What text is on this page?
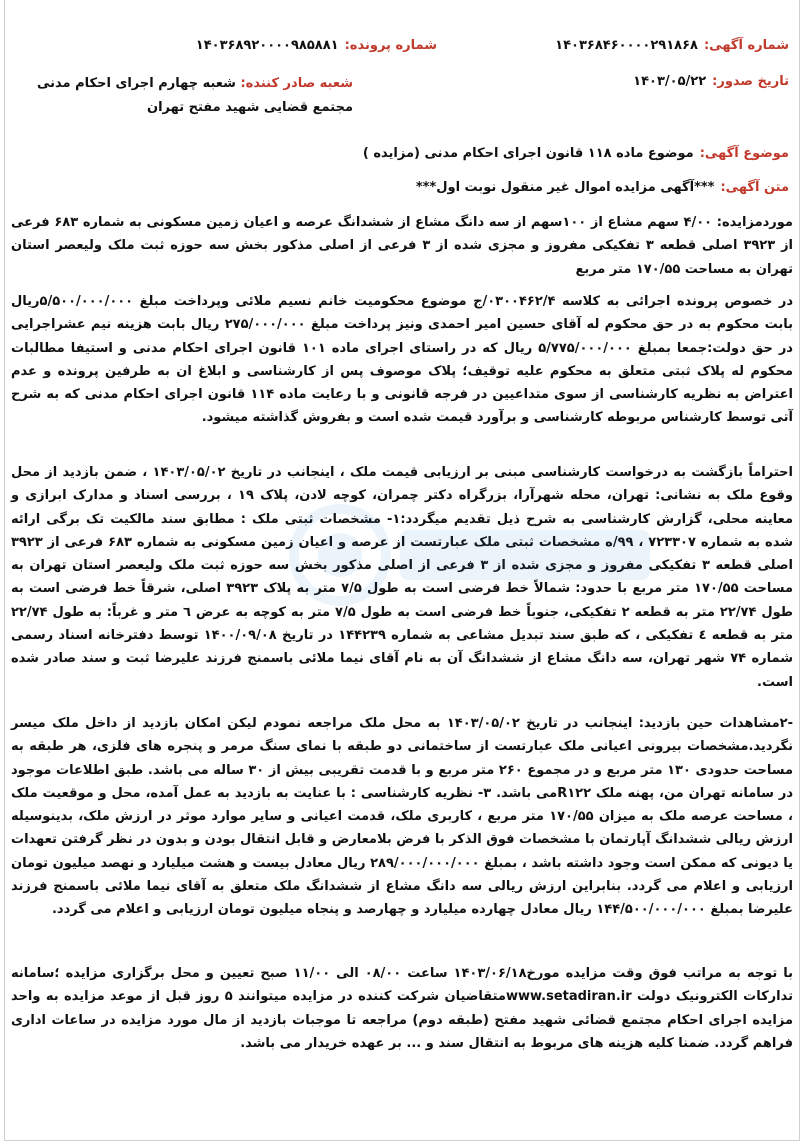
شماره آگهی:۱۴۰۳۶۸۴۶۰۰۰۰۲۹۱۸۶۸
شماره پرونده:۱۴۰۳۶۸۹۲۰۰۰۰۹۸۵۸۸۱
تاریخ صدور:۱۴۰۳/۰۵/۲۲
شعبه صادر کننده: شعبه چهارم اجرای احکام مدنی مجتمع قضایی شهید مفتح تهران
موضوع آگهی:موضوع ماده ۱۱۸ قانون اجرای احکام مدنی (مزایده )
متن آگهی:***آگهی مزایده اموال غیر منقول نوبت اول***
موردمزایده: ۴/۰۰ سهم مشاع از ۱۰۰سهم از سه دانگ مشاع از ششدانگ عرصه و اعیان زمین مسکونی به شماره ۶۸۳ فرعی از ۳۹۲۳ اصلی قطعه ۳ تفکیکی مفروز و مجزی شده از ۳ فرعی از اصلی مذکور بخش سه حوزه ثبت ملک ولیعصر استان تهران به مساحت ۱۷۰/۵۵ متر مربع
در خصوص پرونده اجرائی به کلاسه ۰۳۰۰۴۶۲/۴/ج موضوع محکومیت خانم نسیم ملائی وپرداخت مبلغ ۵/۵۰۰/۰۰۰/۰۰۰ریال بابت محکوم به در حق محکوم له آقای حسین امیر احمدی ونیز پرداخت مبلغ ۲۷۵/۰۰۰/۰۰۰ ریال بابت هزینه نیم عشراجرایی در حق دولت:جمعا بمبلغ ۵/۷۷۵/۰۰۰/۰۰۰ ریال که در راستای اجرای ماده ۱۰۱ قانون اجرای احکام مدنی و استیفا مطالبات محکوم له پلاک ثبتی متعلق به محکوم علیه توقیف؛ پلاک موصوف پس از کارشناسی و ابلاغ ان به طرفین پرونده و عدم اعتراض به نظریه کارشناسی از سوی متداعیین در فرجه قانونی و با رعایت ماده ۱۱۴ قانون اجرای احکام مدنی که به شرح آتی توسط کارشناس مربوطه کارشناسی و برآورد قیمت شده است و بفروش گذاشته میشود.
احتراماً بازگشت به درخواست کارشناسی مبنی بر ارزیابی قیمت ملک ، اینجانب در تاریخ ۱۴۰۳/۰۵/۰۲ ، ضمن بازدید از محل وقوع ملک به نشانی: تهران، محله شهرآرا، بزرگراه دکتر چمران، کوچه لادن، پلاک ۱۹ ، بررسی اسناد و مدارک ابرازی و معاینه محلی، گزارش کارشناسی به شرح ذیل تقدیم میگردد:۱- مشخصات ثبتی ملک : مطابق سند مالکیت تک برگی ارائه شده به شماره ۷۲۳۳۰۷ ، ۹۹/ه مشخصات ثبتی ملک عبارتست از عرصه و اعیان زمین مسکونی به شماره ۶۸۳ فرعی از ۳۹۲۳ اصلی قطعه ۳ تفکیکی مفروز و مجزی شده از ۳ فرعی از اصلی مذکور بخش سه حوزه ثبت ملک ولیعصر استان تهران به مساحت ۱۷۰/۵۵ متر مربع با حدود: شمالاً خط فرضی است به طول ۷/۵ متر به پلاک ۳۹۲۳ اصلی، شرقاً خط فرضی است به طول ۲۲/۷۴ متر به قطعه ۲ تفکیکی، جنوباً خط فرضی است به طول ۷/۵ متر به کوچه به عرض ٦ متر و غرباً: به طول ۲۲/۷۴ متر به قطعه ٤ تفکیکی ، که طبق سند تبدیل مشاعی به شماره ۱۴۴۲۳۹ در تاریخ ۱۴۰۰/۰۹/۰۸ توسط دفترخانه اسناد رسمی شماره ۷۴ شهر تهران، سه دانگ مشاع از ششدانگ آن به نام آقای نیما ملائی باسمنج فرزند علیرضا ثبت و سند صادر شده است.
-۲مشاهدات حین بازدید: اینجانب در تاریخ ۱۴۰۳/۰۵/۰۲ به محل ملک مراجعه نمودم لیکن امکان بازدید از داخل ملک میسر نگردید.مشخصات بیرونی اعیانی ملک عبارتست از ساختمانی دو طبقه با نمای سنگ مرمر و پنجره های فلزی، هر طبقه به مساحت حدودی ۱۳۰ متر مربع و در مجموع ۲۶۰ متر مربع و با قدمت تقریبی بیش از ۳۰ ساله می باشد. طبق اطلاعات موجود در سامانه تهران من، پهنه ملک R۱۲۲می باشد. ۳- نظریه کارشناسی : با عنایت به بازدید به عمل آمده، محل و موقعیت ملک ، مساحت عرصه ملک به میزان ۱۷۰/۵۵ متر مربع ، کاربری ملک، قدمت اعیانی و سایر موارد موثر در ارزش ملک، بدینوسیله ارزش ریالی ششدانگ آپارتمان با مشخصات فوق الذکر با فرض بلامعارض و قابل انتقال بودن و بدون در نظر گرفتن تعهدات یا دیونی که ممکن است وجود داشته باشد ، بمبلغ ۲۸۹/۰۰۰/۰۰۰/۰۰۰ ریال معادل بیست و هشت میلیارد و نهصد میلیون تومان ارزیابی و اعلام می گردد. بنابراین ارزش ریالی سه دانگ مشاع از ششدانگ ملک متعلق به آقای نیما ملائی باسمنج فرزند علیرضا بمبلغ ۱۴۴/۵۰۰/۰۰۰/۰۰۰ ریال معادل چهارده میلیارد و چهارصد و پنجاه میلیون تومان ارزیابی و اعلام می گردد.
با توجه به مراتب فوق وقت مزایده مورخ۱۴۰۳/۰۶/۱۸ ساعت ۰۸/۰۰ الی ۱۱/۰۰ صبح تعیین و محل برگزاری مزایده ؛سامانه تدارکات الکترونیک دولت www.setadiran.irمتقاضیان شرکت کننده در مزایده میتوانند ۵ روز قبل از موعد مزایده به واحد مزایده اجرای احکام مجتمع قضائی شهید مفتح (طبقه دوم) مراجعه تا موجبات بازدید از مال مورد مزایده در ساعات اداری فراهم گردد. ضمنا کلیه هزینه های مربوط به انتقال سند و ... بر عهده خریدار می باشد.
